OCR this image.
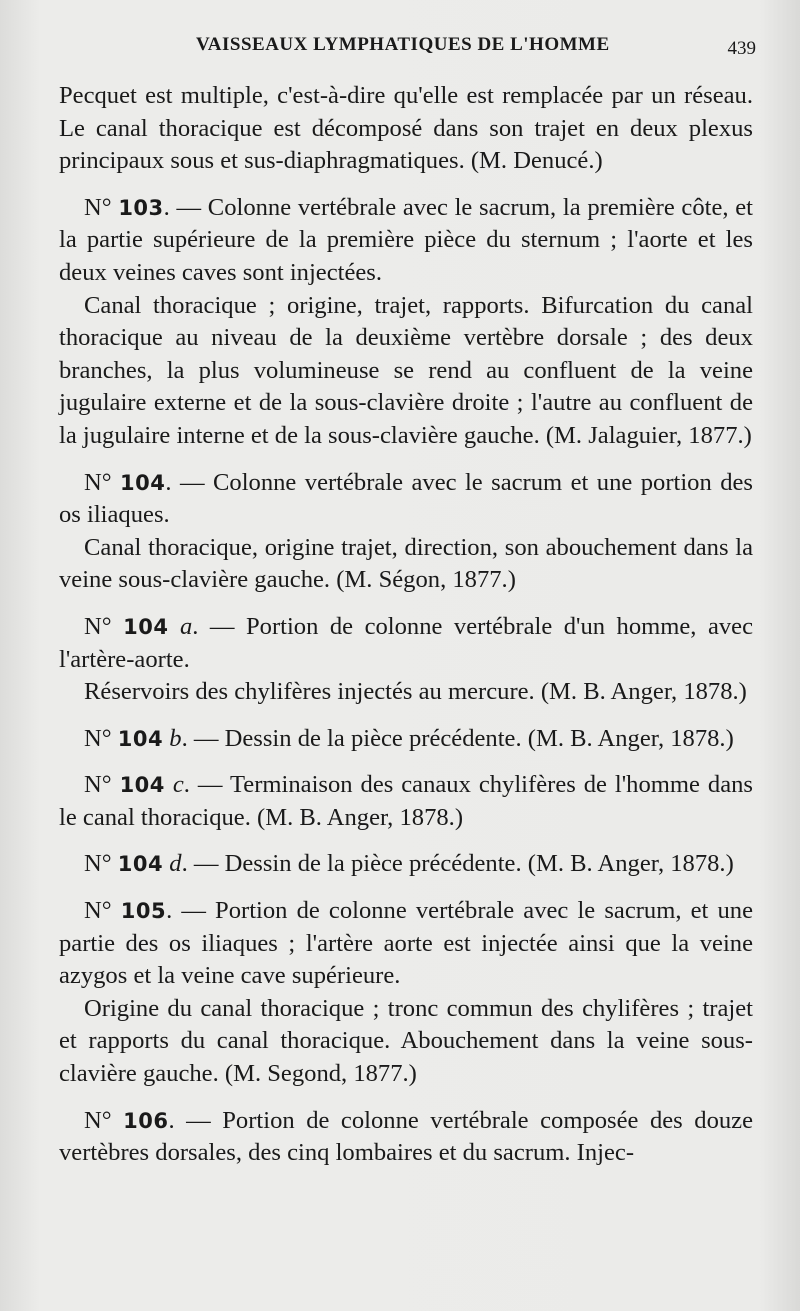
VAISSEAUX LYMPHATIQUES DE L'HOMME	439

Pecquet est multiple, c'est-à-dire qu'elle est remplacée par un réseau. Le canal thoracique est décomposé dans son trajet en deux plexus principaux sous et sus-diaphragmatiques. (M. Denucé.)

N° 103. — Colonne vertébrale avec le sacrum, la première côte, et la partie supérieure de la première pièce du sternum ; l'aorte et les deux veines caves sont injectées.

Canal thoracique ; origine, trajet, rapports. Bifurcation du canal thoracique au niveau de la deuxième vertèbre dorsale ; des deux branches, la plus volumineuse se rend au confluent de la veine jugulaire externe et de la sous-clavière droite ; l'autre au confluent de la jugulaire interne et de la sous-clavière gauche. (M. Jalaguier, 1877.)

N° 104. — Colonne vertébrale avec le sacrum et une portion des os iliaques.

Canal thoracique, origine trajet, direction, son abouchement dans la veine sous-clavière gauche. (M. Ségon, 1877.)

N° 104 a. — Portion de colonne vertébrale d'un homme, avec l'artère-aorte.

Réservoirs des chylifères injectés au mercure. (M. B. Anger, 1878.)

N° 104 b. — Dessin de la pièce précédente. (M. B. Anger, 1878.)

N° 104 c. — Terminaison des canaux chylifères de l'homme dans le canal thoracique. (M. B. Anger, 1878.)

N° 104 d. — Dessin de la pièce précédente. (M. B. Anger, 1878.)

N° 105. — Portion de colonne vertébrale avec le sacrum, et une partie des os iliaques ; l'artère aorte est injectée ainsi que la veine azygos et la veine cave supérieure.

Origine du canal thoracique ; tronc commun des chylifères ; trajet et rapports du canal thoracique. Abouchement dans la veine sous-clavière gauche. (M. Segond, 1877.)

N° 106. — Portion de colonne vertébrale composée des douze vertèbres dorsales, des cinq lombaires et du sacrum. Injec-
